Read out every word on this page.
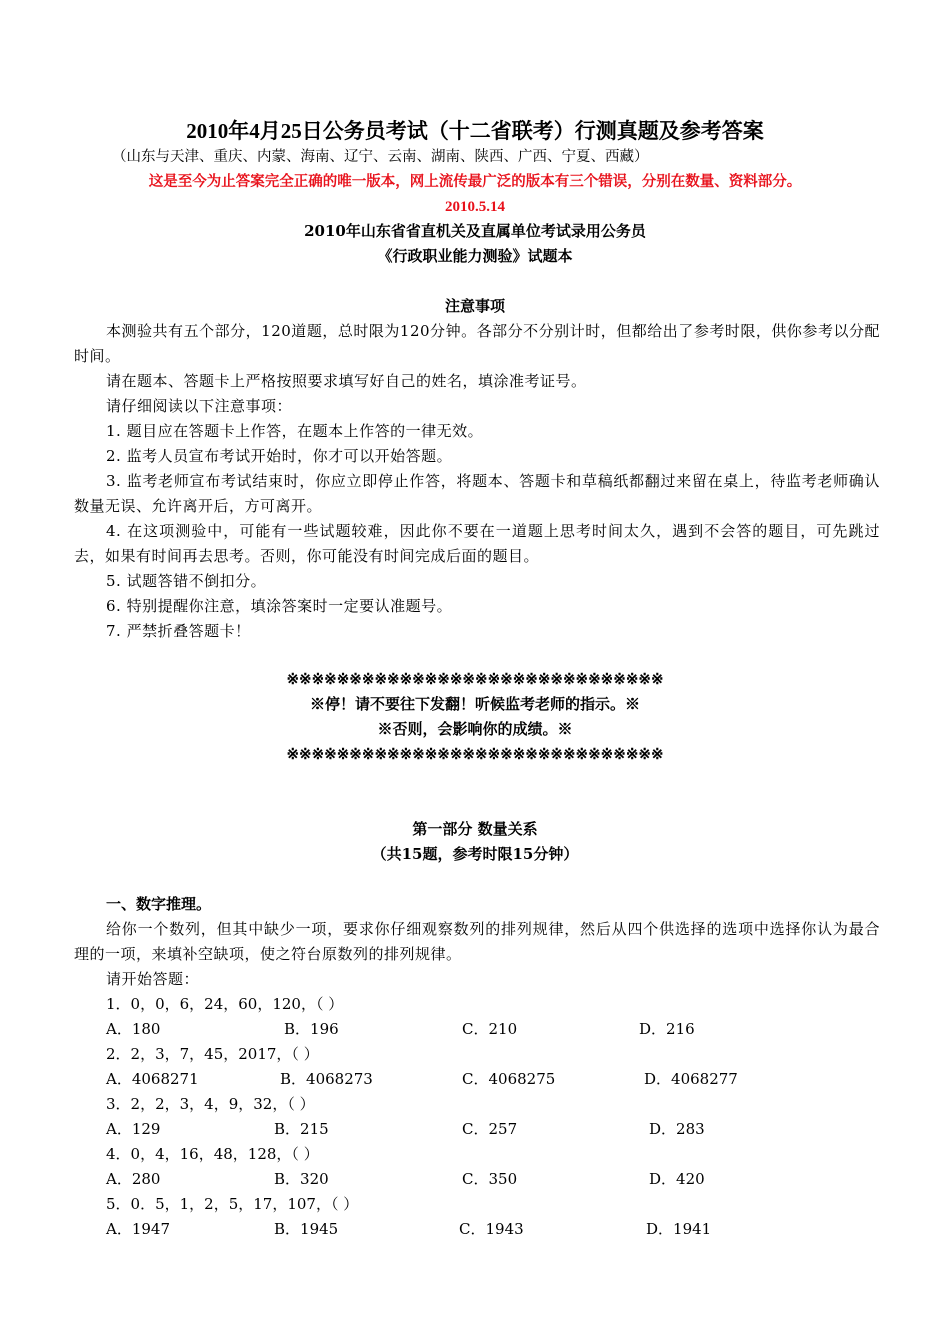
2010年4月25日公务员考试（十二省联考）行测真题及参考答案
（山东与天津、重庆、内蒙、海南、辽宁、云南、湖南、陕西、广西、宁夏、西藏）
这是至今为止答案完全正确的唯一版本，网上流传最广泛的版本有三个错误，分别在数量、资料部分。
2010.5.14
2010年山东省省直机关及直属单位考试录用公务员
《行政职业能力测验》试题本
注意事项
本测验共有五个部分，120道题，总时限为120分钟。各部分不分别计时，但都给出了参考时限，供你参考以分配时间。
请在题本、答题卡上严格按照要求填写好自己的姓名，填涂准考证号。
请仔细阅读以下注意事项：
1. 题目应在答题卡上作答，在题本上作答的一律无效。
2. 监考人员宣布考试开始时，你才可以开始答题。
3. 监考老师宣布考试结束时，你应立即停止作答，将题本、答题卡和草稿纸都翻过来留在桌上，待监考老师确认数量无误、允许离开后，方可离开。
4. 在这项测验中，可能有一些试题较难，因此你不要在一道题上思考时间太久，遇到不会答的题目，可先跳过去，如果有时间再去思考。否则，你可能没有时间完成后面的题目。
5. 试题答错不倒扣分。
6. 特别提醒你注意，填涂答案时一定要认准题号。
7. 严禁折叠答题卡！
※※※※※※※※※※※※※※※※※※※※※※※※※※※※※※
※停！请不要往下发翻！听候监考老师的指示。※
※否则，会影响你的成绩。※
※※※※※※※※※※※※※※※※※※※※※※※※※※※※※※
第一部分 数量关系
（共15题，参考时限15分钟）
一、数字推理。
给你一个数列，但其中缺少一项，要求你仔细观察数列的排列规律，然后从四个供选择的选项中选择你认为最合理的一项，来填补空缺项，使之符台原数列的排列规律。
请开始答题：
1．0，0，6，24，60，120，（ ）
A．180	B．196	C．210	D．216
2．2，3，7，45，2017，（ ）
A．4068271	B．4068273	C．4068275	D．4068277
3．2，2，3，4，9，32，（ ）
A．129	B．215	C．257	D．283
4．0，4，16，48，128，（ ）
A．280	B．320	C．350	D．420
5．0．5，1，2，5，17，107，（ ）
A．1947	B．1945	C．1943	D．1941
